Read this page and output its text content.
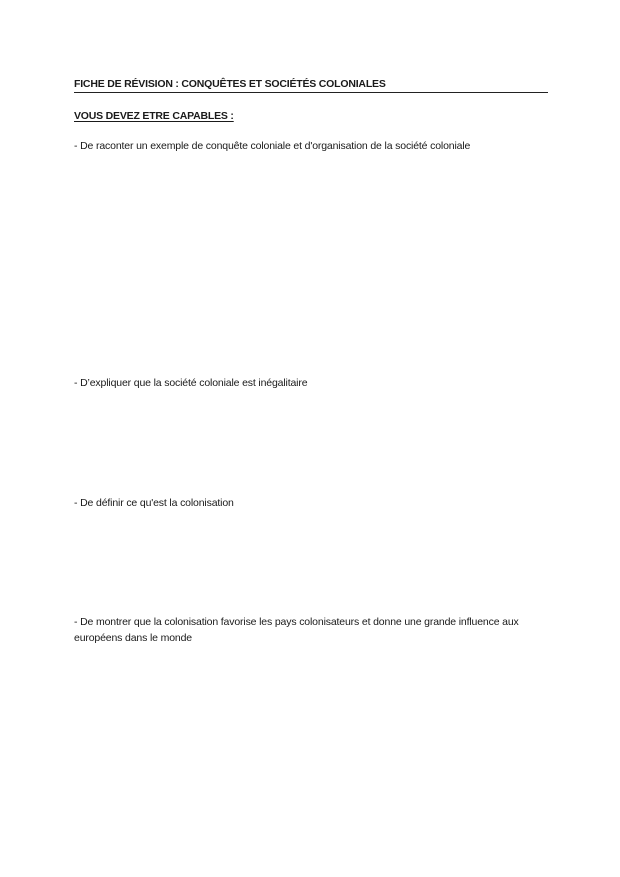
FICHE DE RÉVISION : CONQUÊTES ET SOCIÉTÉS COLONIALES
VOUS DEVEZ ETRE CAPABLES :
- De raconter un exemple de conquête coloniale et d'organisation de la société coloniale
- D’expliquer que la société coloniale est inégalitaire
- De définir ce qu'est la colonisation
- De montrer que la colonisation favorise les pays colonisateurs et donne une grande influence aux européens dans le monde
